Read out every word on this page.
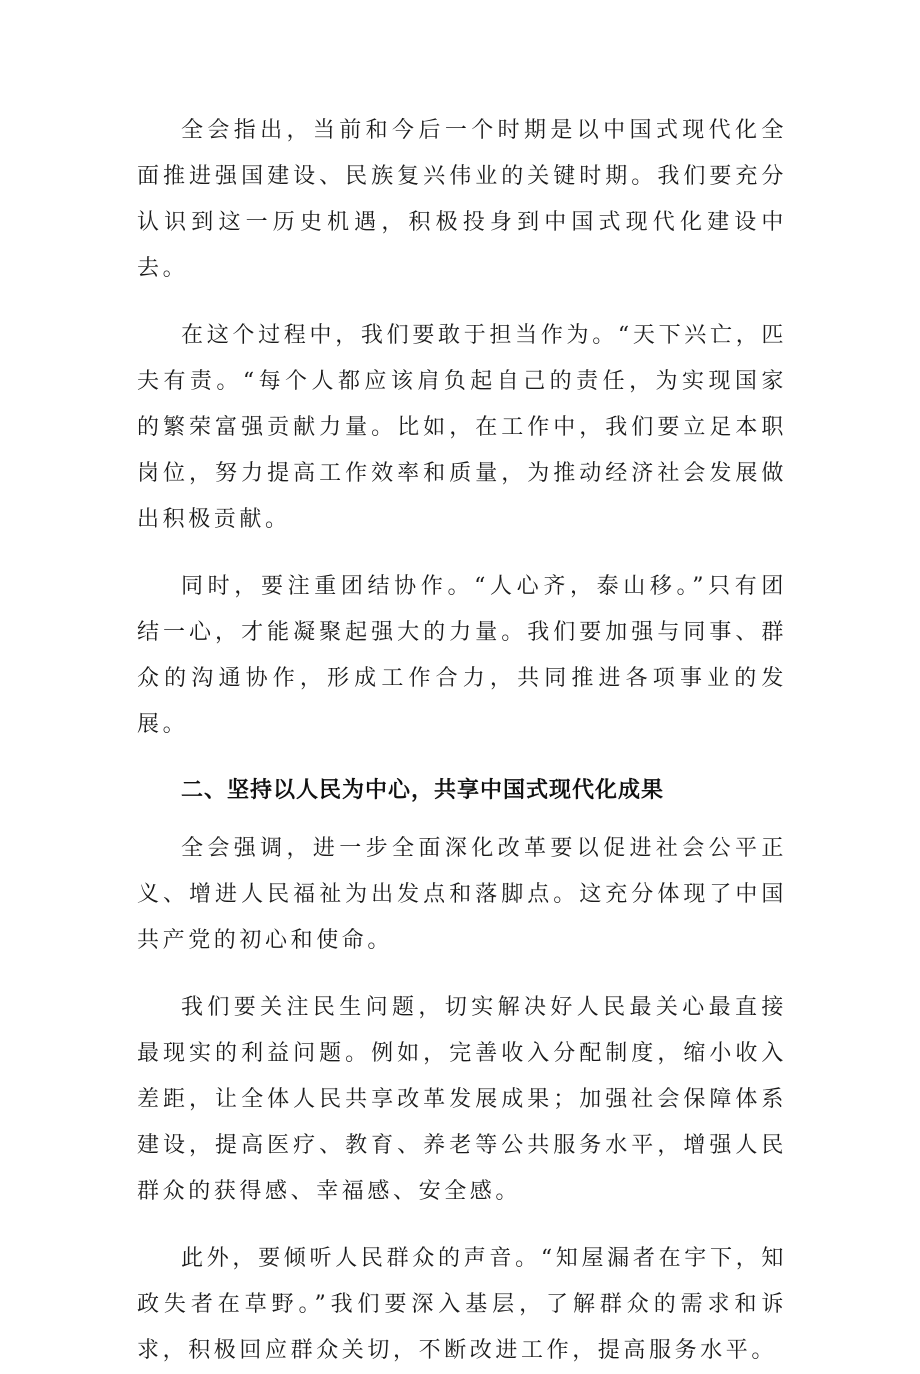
全会指出，当前和今后一个时期是以中国式现代化全面推进强国建设、民族复兴伟业的关键时期。我们要充分认识到这一历史机遇，积极投身到中国式现代化建设中去。

在这个过程中，我们要敢于担当作为。“天下兴亡，匹夫有责。“每个人都应该肩负起自己的责任，为实现国家的繁荣富强贡献力量。比如，在工作中，我们要立足本职岗位，努力提高工作效率和质量，为推动经济社会发展做出积极贡献。

同时，要注重团结协作。“人心齐，泰山移。”只有团结一心，才能凝聚起强大的力量。我们要加强与同事、群众的沟通协作，形成工作合力，共同推进各项事业的发展。

二、坚持以人民为中心，共享中国式现代化成果

全会强调，进一步全面深化改革要以促进社会公平正义、增进人民福祉为出发点和落脚点。这充分体现了中国共产党的初心和使命。

我们要关注民生问题，切实解决好人民最关心最直接最现实的利益问题。例如，完善收入分配制度，缩小收入差距，让全体人民共享改革发展成果；加强社会保障体系建设，提高医疗、教育、养老等公共服务水平，增强人民群众的获得感、幸福感、安全感。

此外，要倾听人民群众的声音。“知屋漏者在宇下，知政失者在草野。”我们要深入基层，了解群众的需求和诉求，积极回应群众关切，不断改进工作，提高服务水平。
